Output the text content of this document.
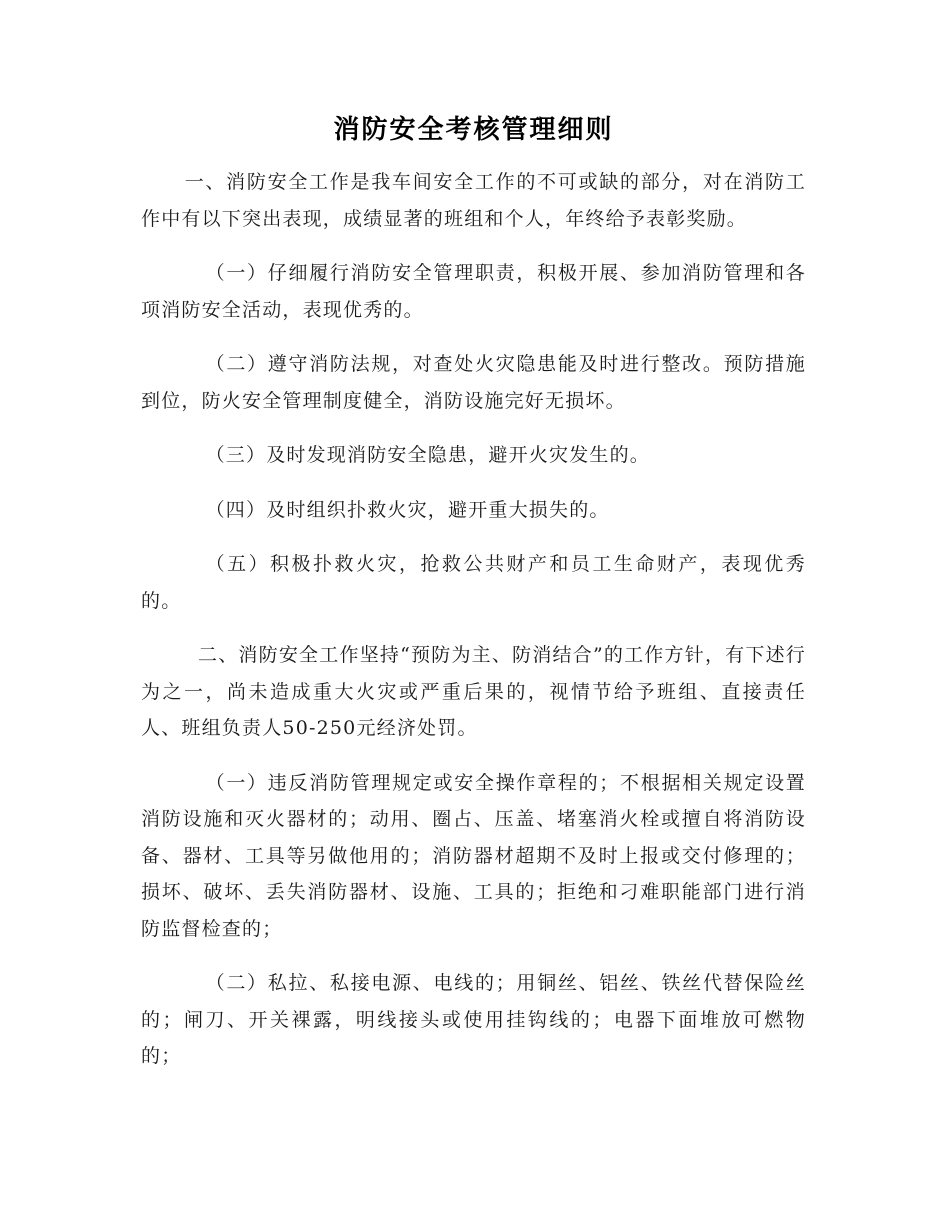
消防安全考核管理细则

一、消防安全工作是我车间安全工作的不可或缺的部分，对在消防工作中有以下突出表现，成绩显著的班组和个人，年终给予表彰奖励。

（一）仔细履行消防安全管理职责，积极开展、参加消防管理和各项消防安全活动，表现优秀的。

（二）遵守消防法规，对查处火灾隐患能及时进行整改。预防措施到位，防火安全管理制度健全，消防设施完好无损坏。

（三）及时发现消防安全隐患，避开火灾发生的。

（四）及时组织扑救火灾，避开重大损失的。

（五）积极扑救火灾，抢救公共财产和员工生命财产，表现优秀的。

二、消防安全工作坚持“预防为主、防消结合”的工作方针，有下述行为之一，尚未造成重大火灾或严重后果的，视情节给予班组、直接责任人、班组负责人50-250元经济处罚。

（一）违反消防管理规定或安全操作章程的；不根据相关规定设置消防设施和灭火器材的；动用、圈占、压盖、堵塞消火栓或擅自将消防设备、器材、工具等另做他用的；消防器材超期不及时上报或交付修理的；损坏、破坏、丢失消防器材、设施、工具的；拒绝和刁难职能部门进行消防监督检查的；

（二）私拉、私接电源、电线的；用铜丝、铝丝、铁丝代替保险丝的；闸刀、开关裸露，明线接头或使用挂钩线的；电器下面堆放可燃物的；
